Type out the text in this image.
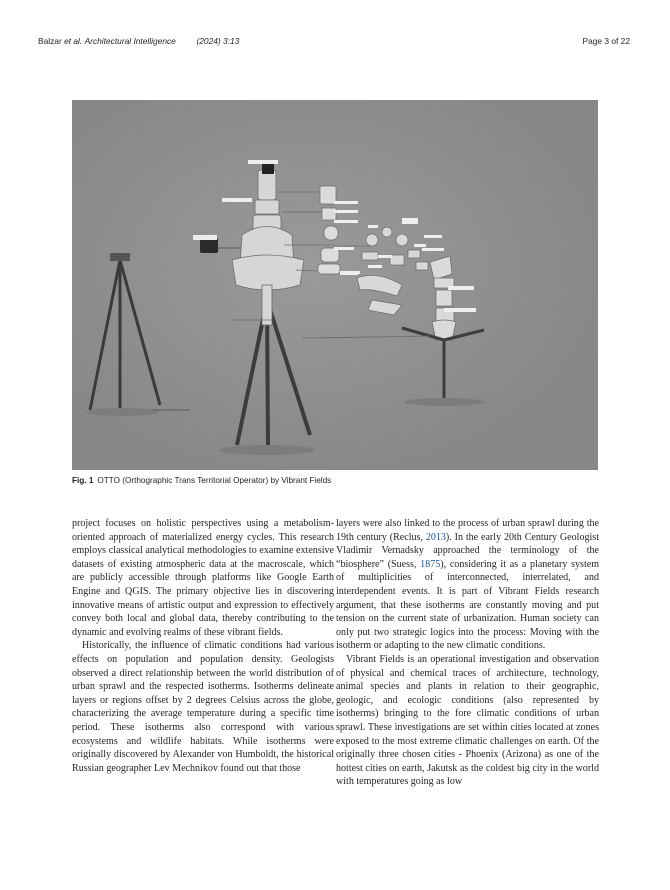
Balzar et al. Architectural Intelligence (2024) 3:13	Page 3 of 22
Fig. 1 OTTO (Orthographic Trans Territorial Operator) by Vibrant Fields

project focuses on holistic perspectives using a metabolism-oriented approach of materialized energy cycles. This research employs classical analytical methodologies to examine extensive datasets of existing atmospheric data at the macroscale, which are publicly accessible through platforms like Google Earth Engine and QGIS. The primary objective lies in discovering innovative means of artistic output and expression to effectively convey both local and global data, thereby contributing to the dynamic and evolving realms of these vibrant fields.

Historically, the influence of climatic conditions had various effects on population and population density. Geologists observed a direct relationship between the world distribution of urban sprawl and the respected isotherms. Isotherms delineate layers or regions offset by 2 degrees Celsius across the globe, characterizing the average temperature during a specific time period. These isotherms also correspond with various ecosystems and wildlife habitats. While isotherms were originally discovered by Alexander von Humboldt, the historical Russian geographer Lev Mechnikov found out that those

layers were also linked to the process of urban sprawl during the 19th century (Reclus, 2013). In the early 20th Century Geologist Vladimir Vernadsky approached the terminology of the “biosphere” (Suess, 1875), considering it as a planetary system of multiplicities of interconnected, interrelated, and interdependent events. It is part of Vibrant Fields research argument, that these isotherms are constantly moving and put tension on the current state of urbanization. Human society can only put two strategic logics into the process: Moving with the isotherm or adapting to the new climatic conditions.

Vibrant Fields is an operational investigation and observation of physical and chemical traces of architecture, technology, animal species and plants in relation to their geographic, geologic, and ecologic conditions (also represented by isotherms) bringing to the fore climatic conditions of urban sprawl. These investigations are set within cities located at zones exposed to the most extreme climatic challenges on earth. Of the originally three chosen cities - Phoenix (Arizona) as one of the hottest cities on earth, Jakutsk as the coldest big city in the world with temperatures going as low
